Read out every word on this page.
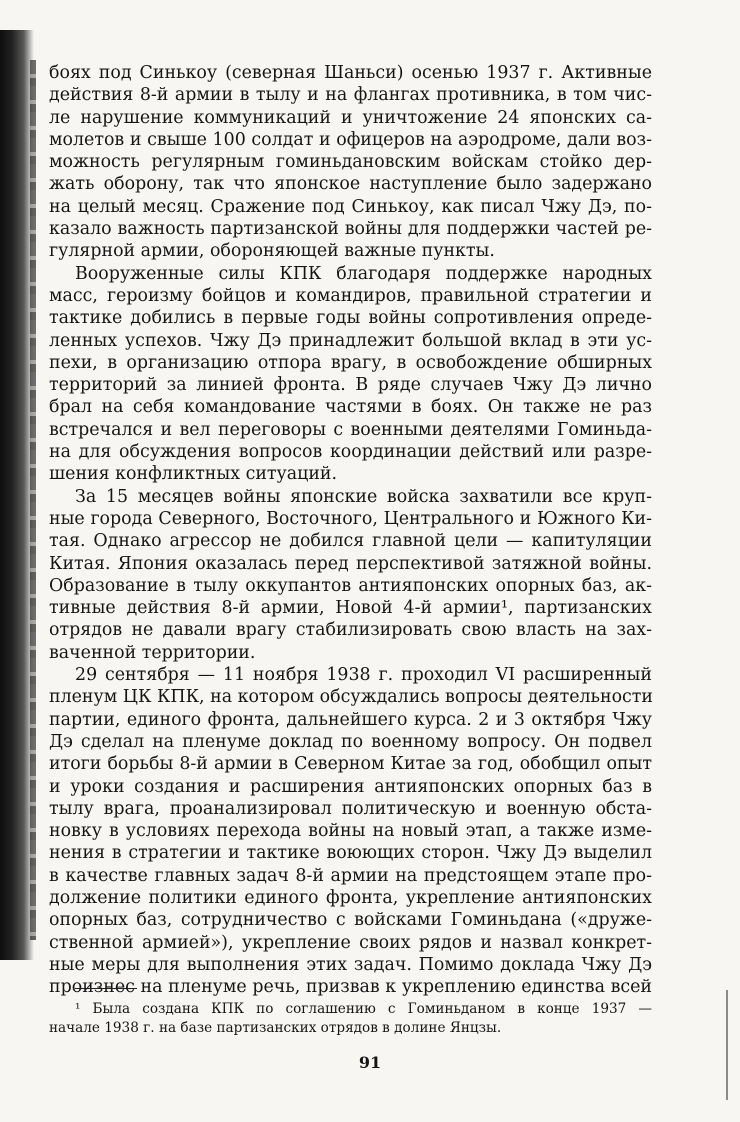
боях под Синькоу (северная Шаньси) осенью 1937 г. Активные
действия 8-й армии в тылу и на флангах противника, в том чис-
ле нарушение коммуникаций и уничтожение 24 японских са-
молетов и свыше 100 солдат и офицеров на аэродроме, дали воз-
можность регулярным гоминьдановским войскам стойко дер-
жать оборону, так что японское наступление было задержано
на целый месяц. Сражение под Синькоу, как писал Чжу Дэ, по-
казало важность партизанской войны для поддержки частей ре-
гулярной армии, обороняющей важные пункты.
Вооруженные силы КПК благодаря поддержке народных
масс, героизму бойцов и командиров, правильной стратегии и
тактике добились в первые годы войны сопротивления опреде-
ленных успехов. Чжу Дэ принадлежит большой вклад в эти ус-
пехи, в организацию отпора врагу, в освобождение обширных
территорий за линией фронта. В ряде случаев Чжу Дэ лично
брал на себя командование частями в боях. Он также не раз
встречался и вел переговоры с военными деятелями Гоминьда-
на для обсуждения вопросов координации действий или разре-
шения конфликтных ситуаций.
За 15 месяцев войны японские войска захватили все круп-
ные города Северного, Восточного, Центрального и Южного Ки-
тая. Однако агрессор не добился главной цели — капитуляции
Китая. Япония оказалась перед перспективой затяжной войны.
Образование в тылу оккупантов антияпонских опорных баз, ак-
тивные действия 8-й армии, Новой 4-й армии¹, партизанских
отрядов не давали врагу стабилизировать свою власть на зах-
ваченной территории.
29 сентября — 11 ноября 1938 г. проходил VI расширенный
пленум ЦК КПК, на котором обсуждались вопросы деятельности
партии, единого фронта, дальнейшего курса. 2 и 3 октября Чжу
Дэ сделал на пленуме доклад по военному вопросу. Он подвел
итоги борьбы 8-й армии в Северном Китае за год, обобщил опыт
и уроки создания и расширения антияпонских опорных баз в
тылу врага, проанализировал политическую и военную обста-
новку в условиях перехода войны на новый этап, а также изме-
нения в стратегии и тактике воюющих сторон. Чжу Дэ выделил
в качестве главных задач 8-й армии на предстоящем этапе про-
должение политики единого фронта, укрепление антияпонских
опорных баз, сотрудничество с войсками Гоминьдана («друже-
ственной армией»), укрепление своих рядов и назвал конкрет-
ные меры для выполнения этих задач. Помимо доклада Чжу Дэ
произнес на пленуме речь, призвав к укреплению единства всей
¹ Была создана КПК по соглашению с Гоминьданом в конце 1937 —
начале 1938 г. на базе партизанских отрядов в долине Янцзы.
91
